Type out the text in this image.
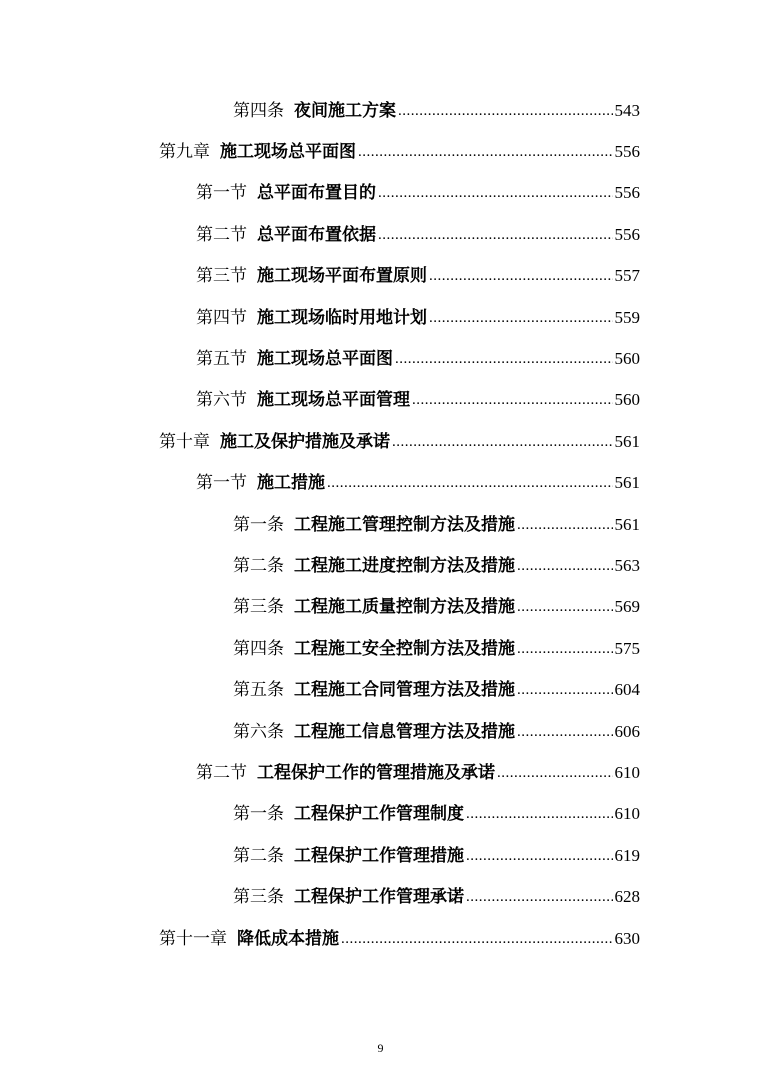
第四条 夜间施工方案 .....	543
第九章 施工现场总平面图 .....	556
第一节 总平面布置目的 .....	556
第二节 总平面布置依据 .....	556
第三节 施工现场平面布置原则 .....	557
第四节 施工现场临时用地计划 .....	559
第五节 施工现场总平面图 .....	560
第六节 施工现场总平面管理 .....	560
第十章 施工及保护措施及承诺 .....	561
第一节 施工措施 .....	561
第一条 工程施工管理控制方法及措施 .....	561
第二条 工程施工进度控制方法及措施 .....	563
第三条 工程施工质量控制方法及措施 .....	569
第四条 工程施工安全控制方法及措施 .....	575
第五条 工程施工合同管理方法及措施 .....	604
第六条 工程施工信息管理方法及措施 .....	606
第二节 工程保护工作的管理措施及承诺 .....	610
第一条 工程保护工作管理制度 .....	610
第二条 工程保护工作管理措施 .....	619
第三条 工程保护工作管理承诺 .....	628
第十一章 降低成本措施 .....	630
9
